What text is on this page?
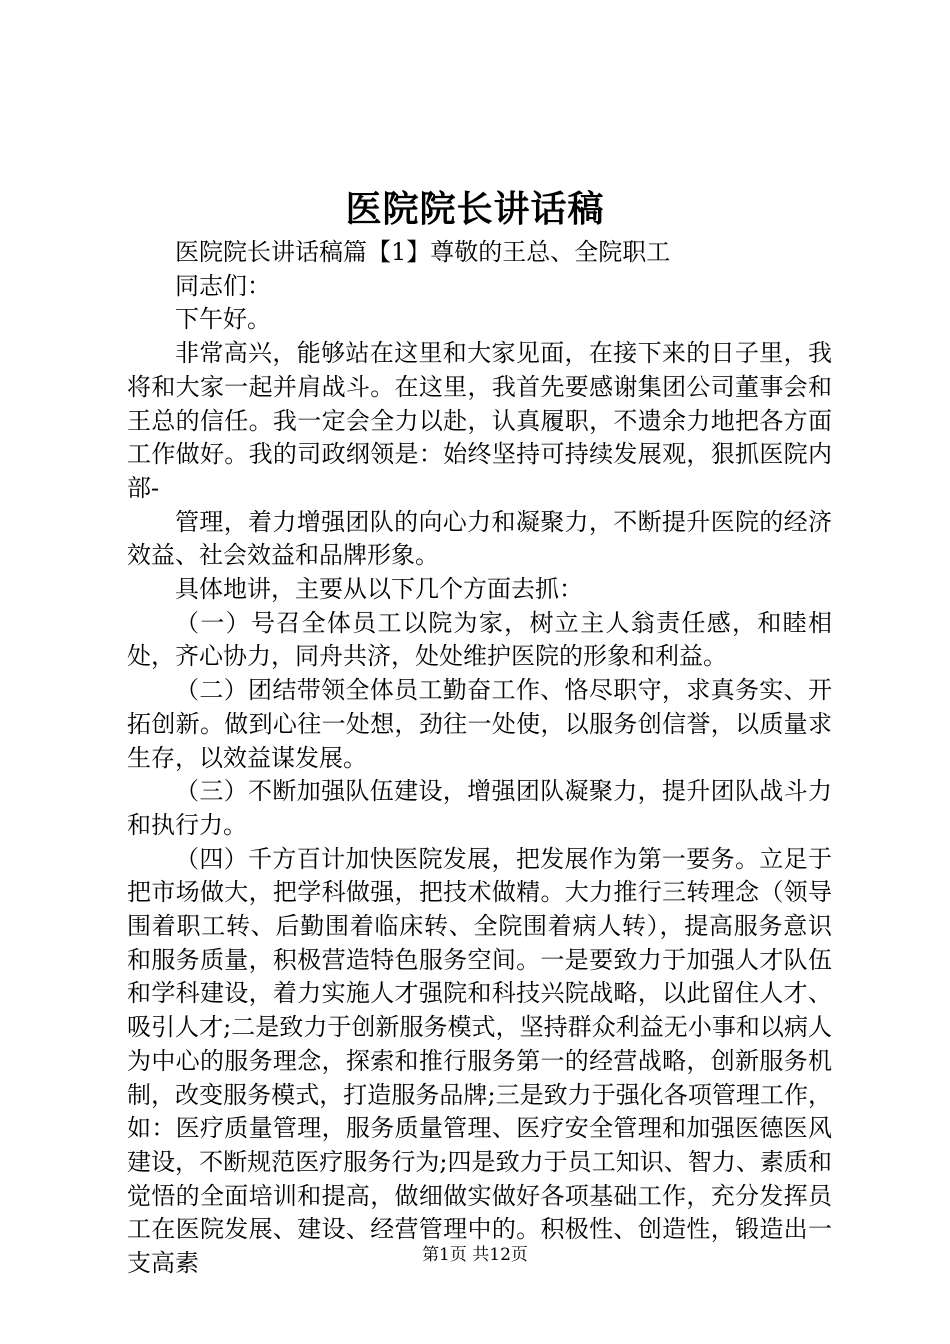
医院院长讲话稿

医院院长讲话稿篇【1】尊敬的王总、全院职工

同志们：

下午好。

非常高兴，能够站在这里和大家见面，在接下来的日子里，我将和大家一起并肩战斗。在这里，我首先要感谢集团公司董事会和王总的信任。我一定会全力以赴，认真履职，不遗余力地把各方面工作做好。我的司政纲领是：始终坚持可持续发展观，狠抓医院内部-

管理，着力增强团队的向心力和凝聚力，不断提升医院的经济效益、社会效益和品牌形象。

具体地讲，主要从以下几个方面去抓：

（一）号召全体员工以院为家，树立主人翁责任感，和睦相处，齐心协力，同舟共济，处处维护医院的形象和利益。

（二）团结带领全体员工勤奋工作、恪尽职守，求真务实、开拓创新。做到心往一处想，劲往一处使，以服务创信誉，以质量求生存，以效益谋发展。

（三）不断加强队伍建设，增强团队凝聚力，提升团队战斗力和执行力。

（四）千方百计加快医院发展，把发展作为第一要务。立足于把市场做大，把学科做强，把技术做精。大力推行三转理念（领导围着职工转、后勤围着临床转、全院围着病人转），提高服务意识和服务质量，积极营造特色服务空间。一是要致力于加强人才队伍和学科建设，着力实施人才强院和科技兴院战略，以此留住人才、吸引人才;二是致力于创新服务模式，坚持群众利益无小事和以病人为中心的服务理念，探索和推行服务第一的经营战略，创新服务机制，改变服务模式，打造服务品牌;三是致力于强化各项管理工作，如：医疗质量管理，服务质量管理、医疗安全管理和加强医德医风建设，不断规范医疗服务行为;四是致力于员工知识、智力、素质和觉悟的全面培训和提高，做细做实做好各项基础工作，充分发挥员工在医院发展、建设、经营管理中的。积极性、创造性，锻造出一支高素	第1页 共12页
